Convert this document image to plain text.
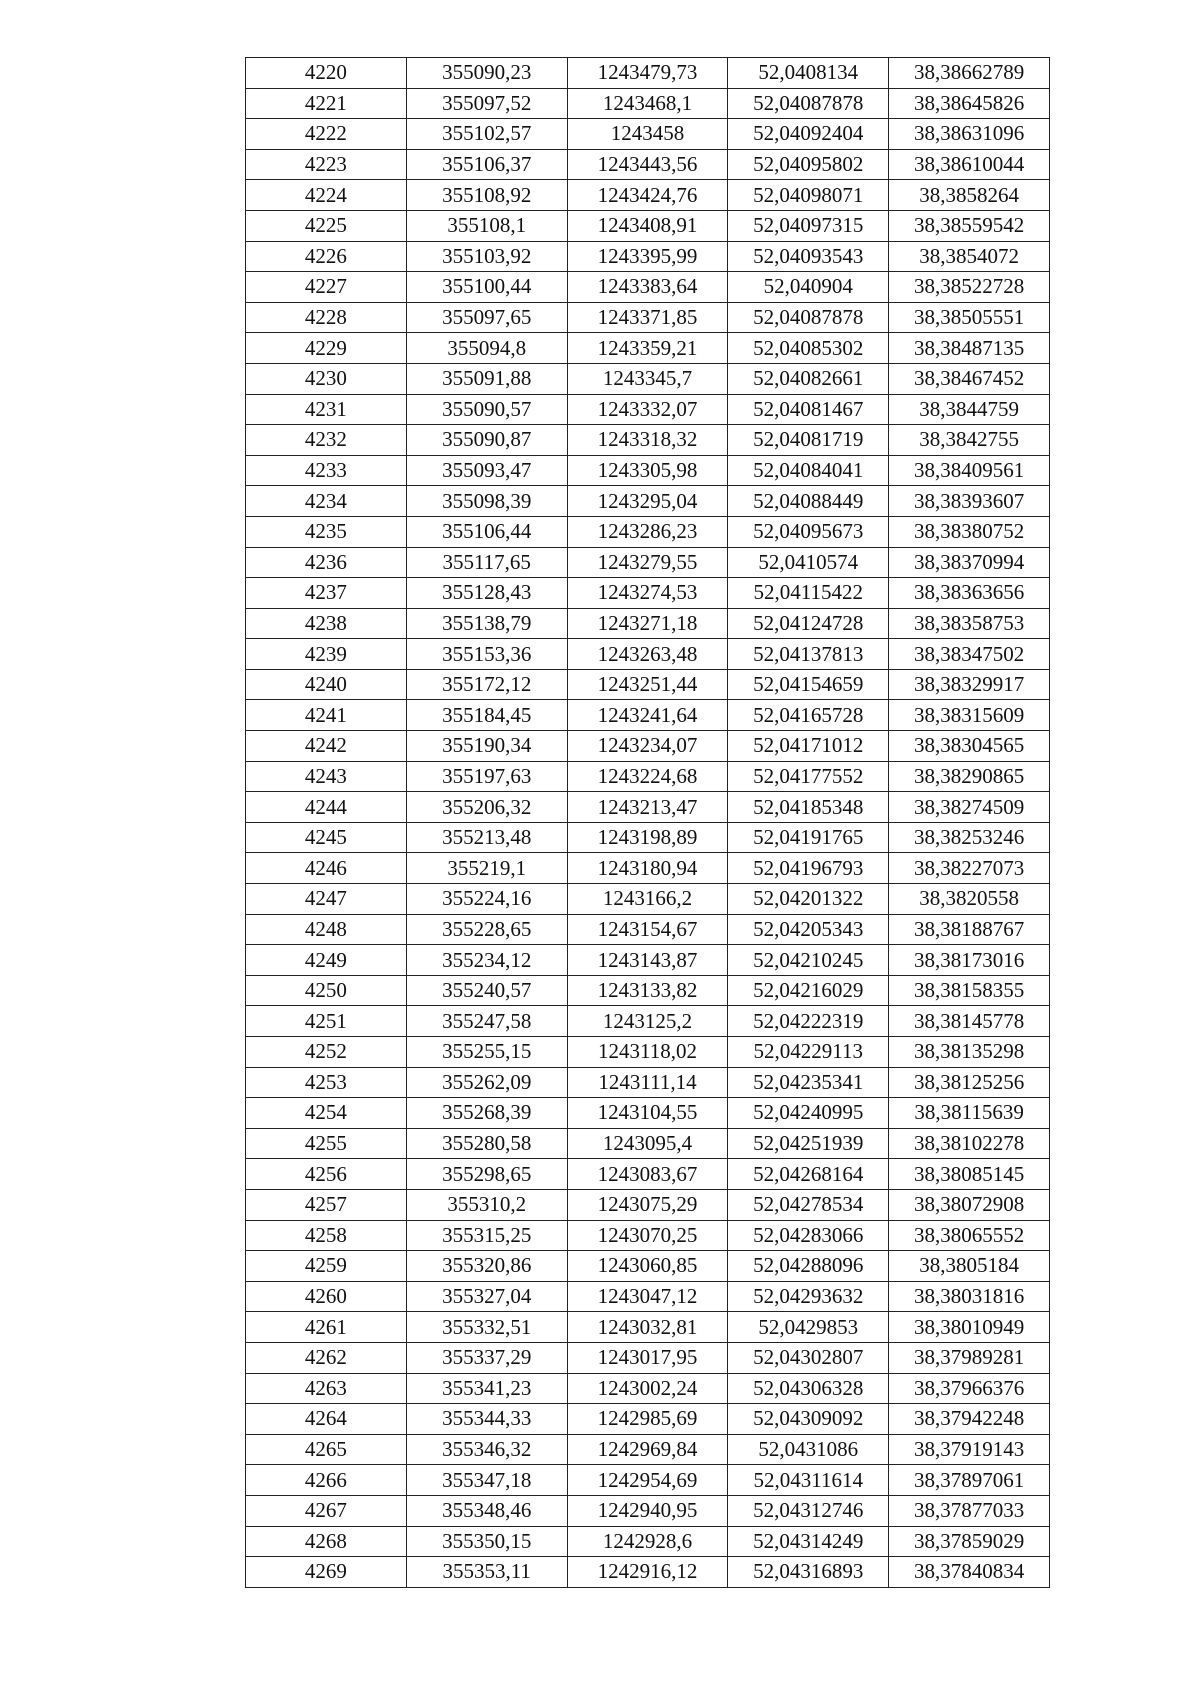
4220	355090,23	1243479,73	52,0408134	38,38662789
4221	355097,52	1243468,1	52,04087878	38,38645826
4222	355102,57	1243458	52,04092404	38,38631096
4223	355106,37	1243443,56	52,04095802	38,38610044
4224	355108,92	1243424,76	52,04098071	38,3858264
4225	355108,1	1243408,91	52,04097315	38,38559542
4226	355103,92	1243395,99	52,04093543	38,3854072
4227	355100,44	1243383,64	52,040904	38,38522728
4228	355097,65	1243371,85	52,04087878	38,38505551
4229	355094,8	1243359,21	52,04085302	38,38487135
4230	355091,88	1243345,7	52,04082661	38,38467452
4231	355090,57	1243332,07	52,04081467	38,3844759
4232	355090,87	1243318,32	52,04081719	38,3842755
4233	355093,47	1243305,98	52,04084041	38,38409561
4234	355098,39	1243295,04	52,04088449	38,38393607
4235	355106,44	1243286,23	52,04095673	38,38380752
4236	355117,65	1243279,55	52,0410574	38,38370994
4237	355128,43	1243274,53	52,04115422	38,38363656
4238	355138,79	1243271,18	52,04124728	38,38358753
4239	355153,36	1243263,48	52,04137813	38,38347502
4240	355172,12	1243251,44	52,04154659	38,38329917
4241	355184,45	1243241,64	52,04165728	38,38315609
4242	355190,34	1243234,07	52,04171012	38,38304565
4243	355197,63	1243224,68	52,04177552	38,38290865
4244	355206,32	1243213,47	52,04185348	38,38274509
4245	355213,48	1243198,89	52,04191765	38,38253246
4246	355219,1	1243180,94	52,04196793	38,38227073
4247	355224,16	1243166,2	52,04201322	38,3820558
4248	355228,65	1243154,67	52,04205343	38,38188767
4249	355234,12	1243143,87	52,04210245	38,38173016
4250	355240,57	1243133,82	52,04216029	38,38158355
4251	355247,58	1243125,2	52,04222319	38,38145778
4252	355255,15	1243118,02	52,04229113	38,38135298
4253	355262,09	1243111,14	52,04235341	38,38125256
4254	355268,39	1243104,55	52,04240995	38,38115639
4255	355280,58	1243095,4	52,04251939	38,38102278
4256	355298,65	1243083,67	52,04268164	38,38085145
4257	355310,2	1243075,29	52,04278534	38,38072908
4258	355315,25	1243070,25	52,04283066	38,38065552
4259	355320,86	1243060,85	52,04288096	38,3805184
4260	355327,04	1243047,12	52,04293632	38,38031816
4261	355332,51	1243032,81	52,0429853	38,38010949
4262	355337,29	1243017,95	52,04302807	38,37989281
4263	355341,23	1243002,24	52,04306328	38,37966376
4264	355344,33	1242985,69	52,04309092	38,37942248
4265	355346,32	1242969,84	52,0431086	38,37919143
4266	355347,18	1242954,69	52,04311614	38,37897061
4267	355348,46	1242940,95	52,04312746	38,37877033
4268	355350,15	1242928,6	52,04314249	38,37859029
4269	355353,11	1242916,12	52,04316893	38,37840834
